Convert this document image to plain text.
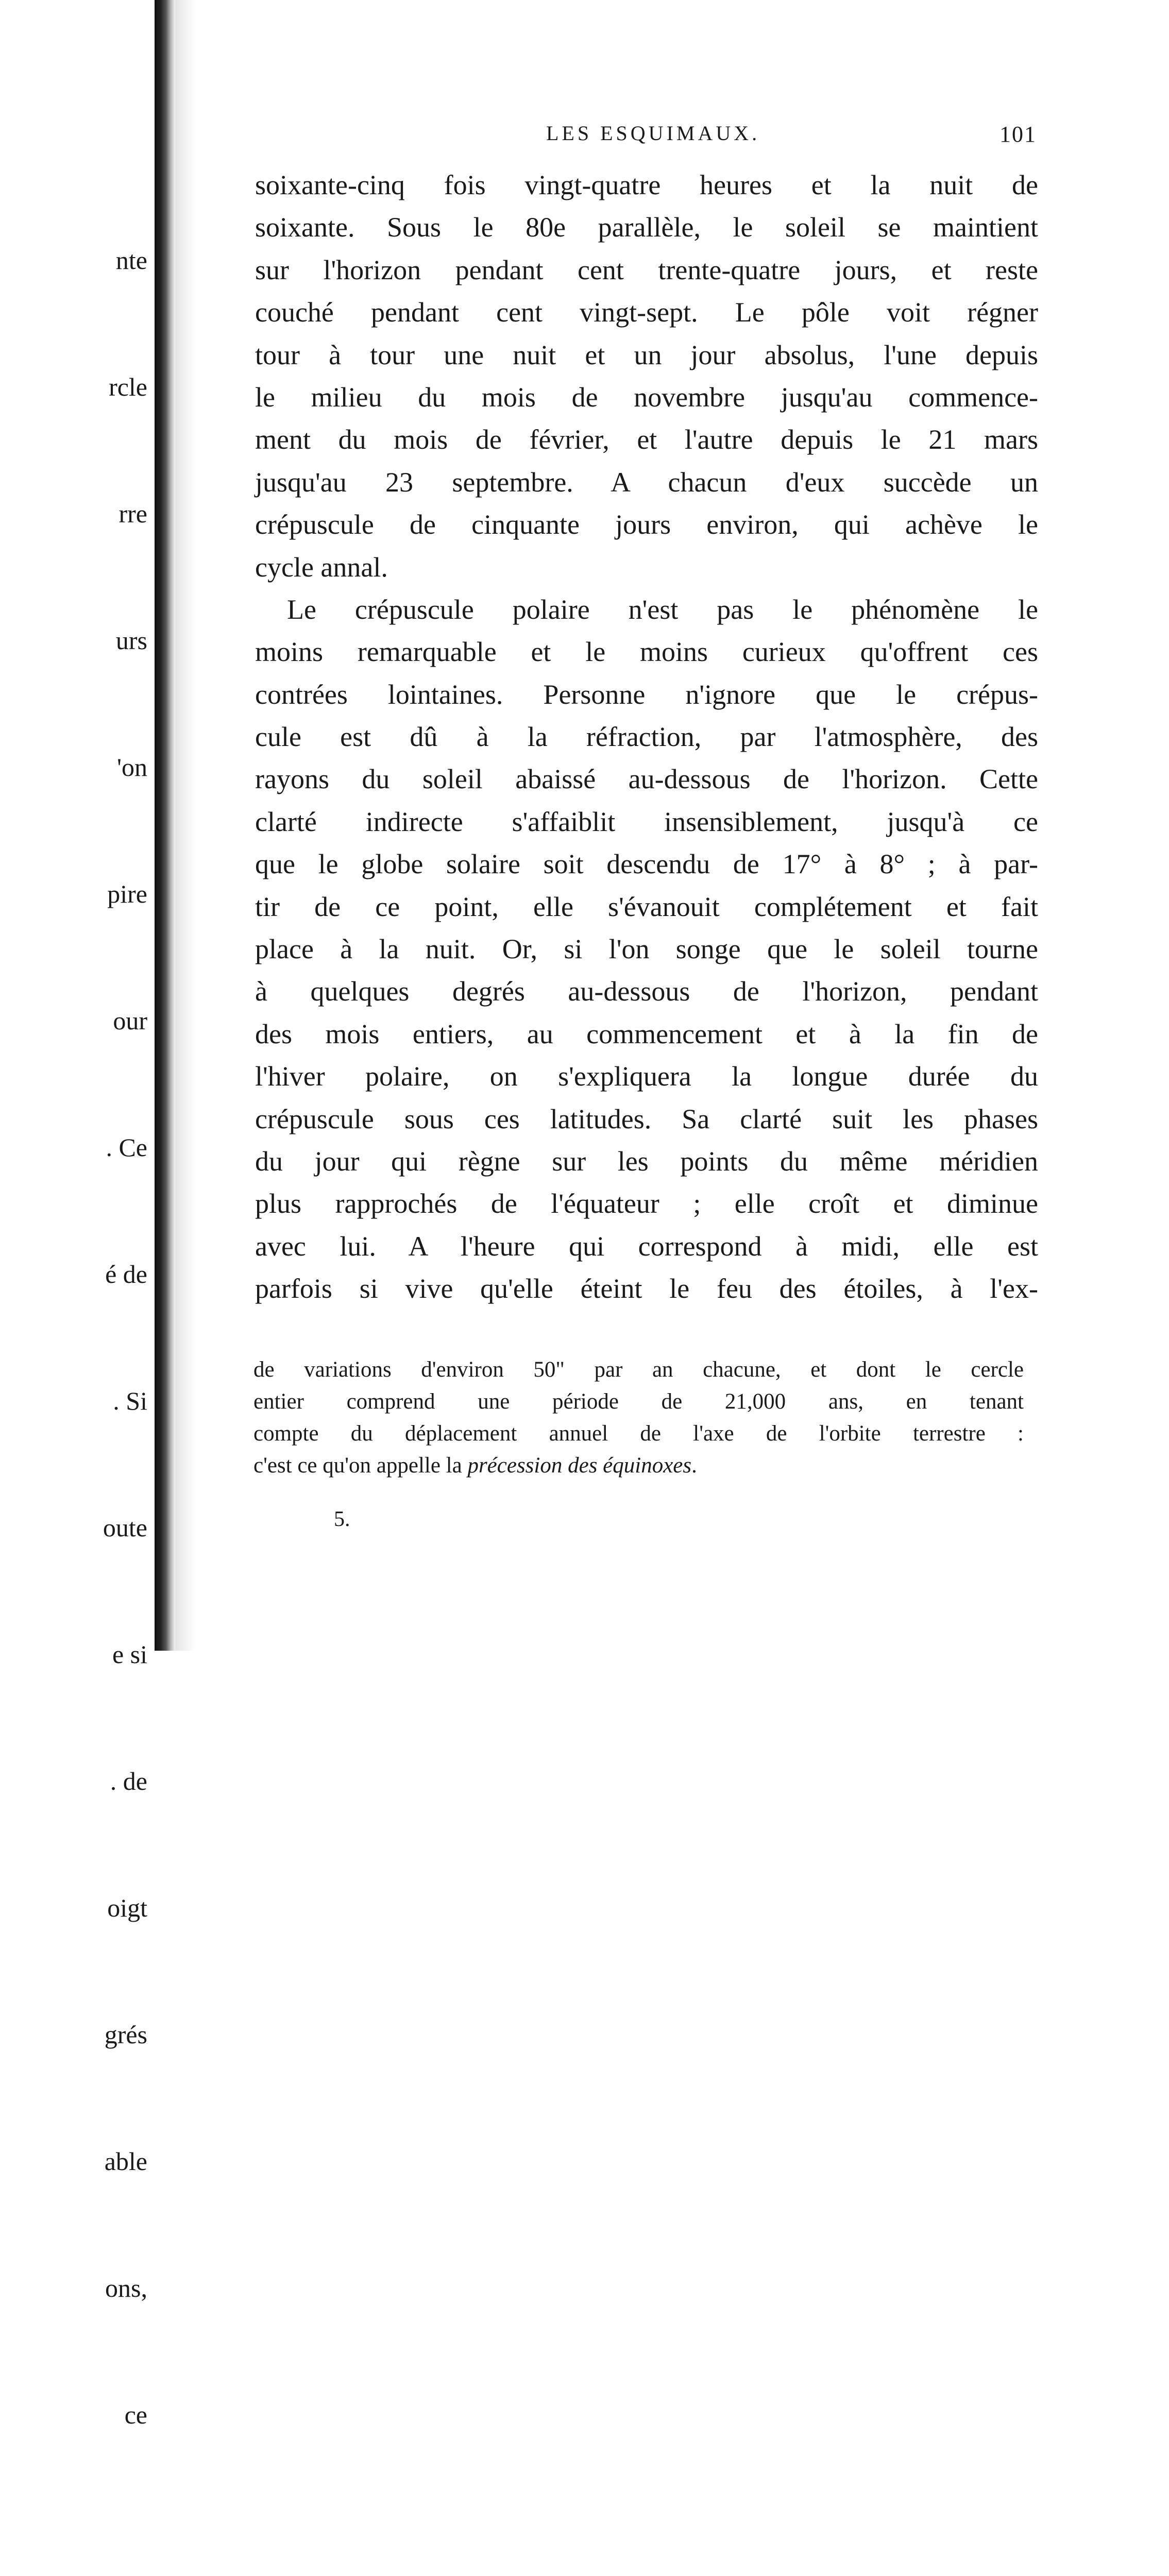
nte

rcle

rre

urs

'on

pire

our

. Ce

é de

. Si

oute

e si

. de

oigt

grés

able

ons,

ce

LES ESQUIMAUX.	101
soixante-cinq fois vingt-quatre heures et la nuit de
soixante. Sous le 80e parallèle, le soleil se maintient
sur l'horizon pendant cent trente-quatre jours, et reste
couché pendant cent vingt-sept. Le pôle voit régner
tour à tour une nuit et un jour absolus, l'une depuis
le milieu du mois de novembre jusqu'au commence-
ment du mois de février, et l'autre depuis le 21 mars
jusqu'au 23 septembre. A chacun d'eux succède un
crépuscule de cinquante jours environ, qui achève le
cycle annal.
Le crépuscule polaire n'est pas le phénomène le
moins remarquable et le moins curieux qu'offrent ces
contrées lointaines. Personne n'ignore que le crépus-
cule est dû à la réfraction, par l'atmosphère, des
rayons du soleil abaissé au-dessous de l'horizon. Cette
clarté indirecte s'affaiblit insensiblement, jusqu'à ce
que le globe solaire soit descendu de 17° à 8° ; à par-
tir de ce point, elle s'évanouit complétement et fait
place à la nuit. Or, si l'on songe que le soleil tourne
à quelques degrés au-dessous de l'horizon, pendant
des mois entiers, au commencement et à la fin de
l'hiver polaire, on s'expliquera la longue durée du
crépuscule sous ces latitudes. Sa clarté suit les phases
du jour qui règne sur les points du même méridien
plus rapprochés de l'équateur ; elle croît et diminue
avec lui. A l'heure qui correspond à midi, elle est
parfois si vive qu'elle éteint le feu des étoiles, à l'ex-
de variations d'environ 50" par an chacune, et dont le cercle
entier comprend une période de 21,000 ans, en tenant
compte du déplacement annuel de l'axe de l'orbite terrestre :
c'est ce qu'on appelle la précession des équinoxes.
5.
